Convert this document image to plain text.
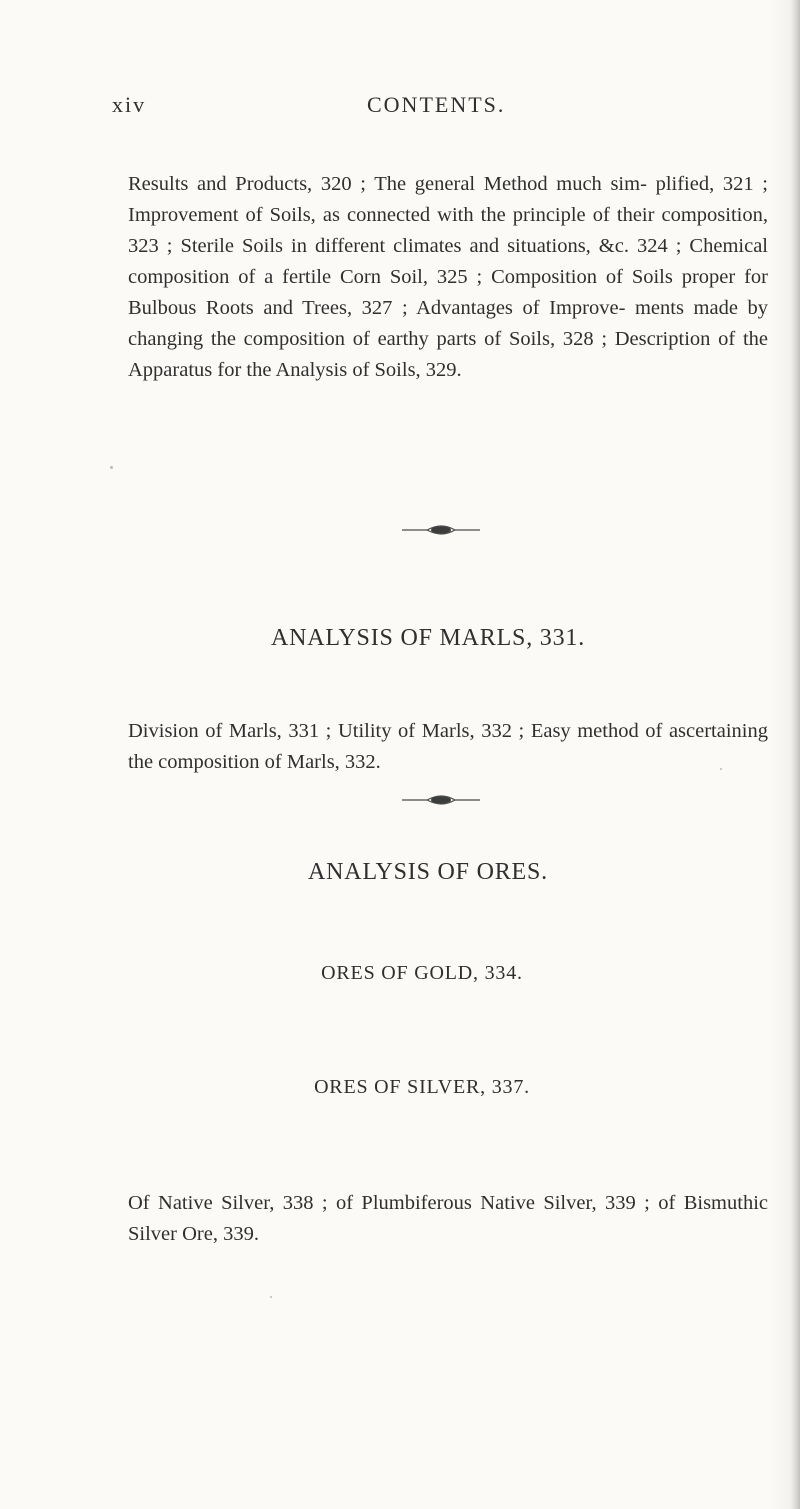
xiv	CONTENTS.

Results and Products, 320 ; The general Method much sim- plified, 321 ; Improvement of Soils, as connected with the principle of their composition, 323 ; Sterile Soils in different climates and situations, &c. 324 ; Chemical composition of a fertile Corn Soil, 325 ; Composition of Soils proper for Bulbous Roots and Trees, 327 ; Advantages of Improve- ments made by changing the composition of earthy parts of Soils, 328 ; Description of the Apparatus for the Analysis of Soils, 329.

ANALYSIS OF MARLS, 331.

Division of Marls, 331 ; Utility of Marls, 332 ; Easy method of ascertaining the composition of Marls, 332.

ANALYSIS OF ORES.
ORES OF GOLD, 334.
ORES OF SILVER, 337.

Of Native Silver, 338 ; of Plumbiferous Native Silver, 339 ; of Bismuthic Silver Ore, 339.
